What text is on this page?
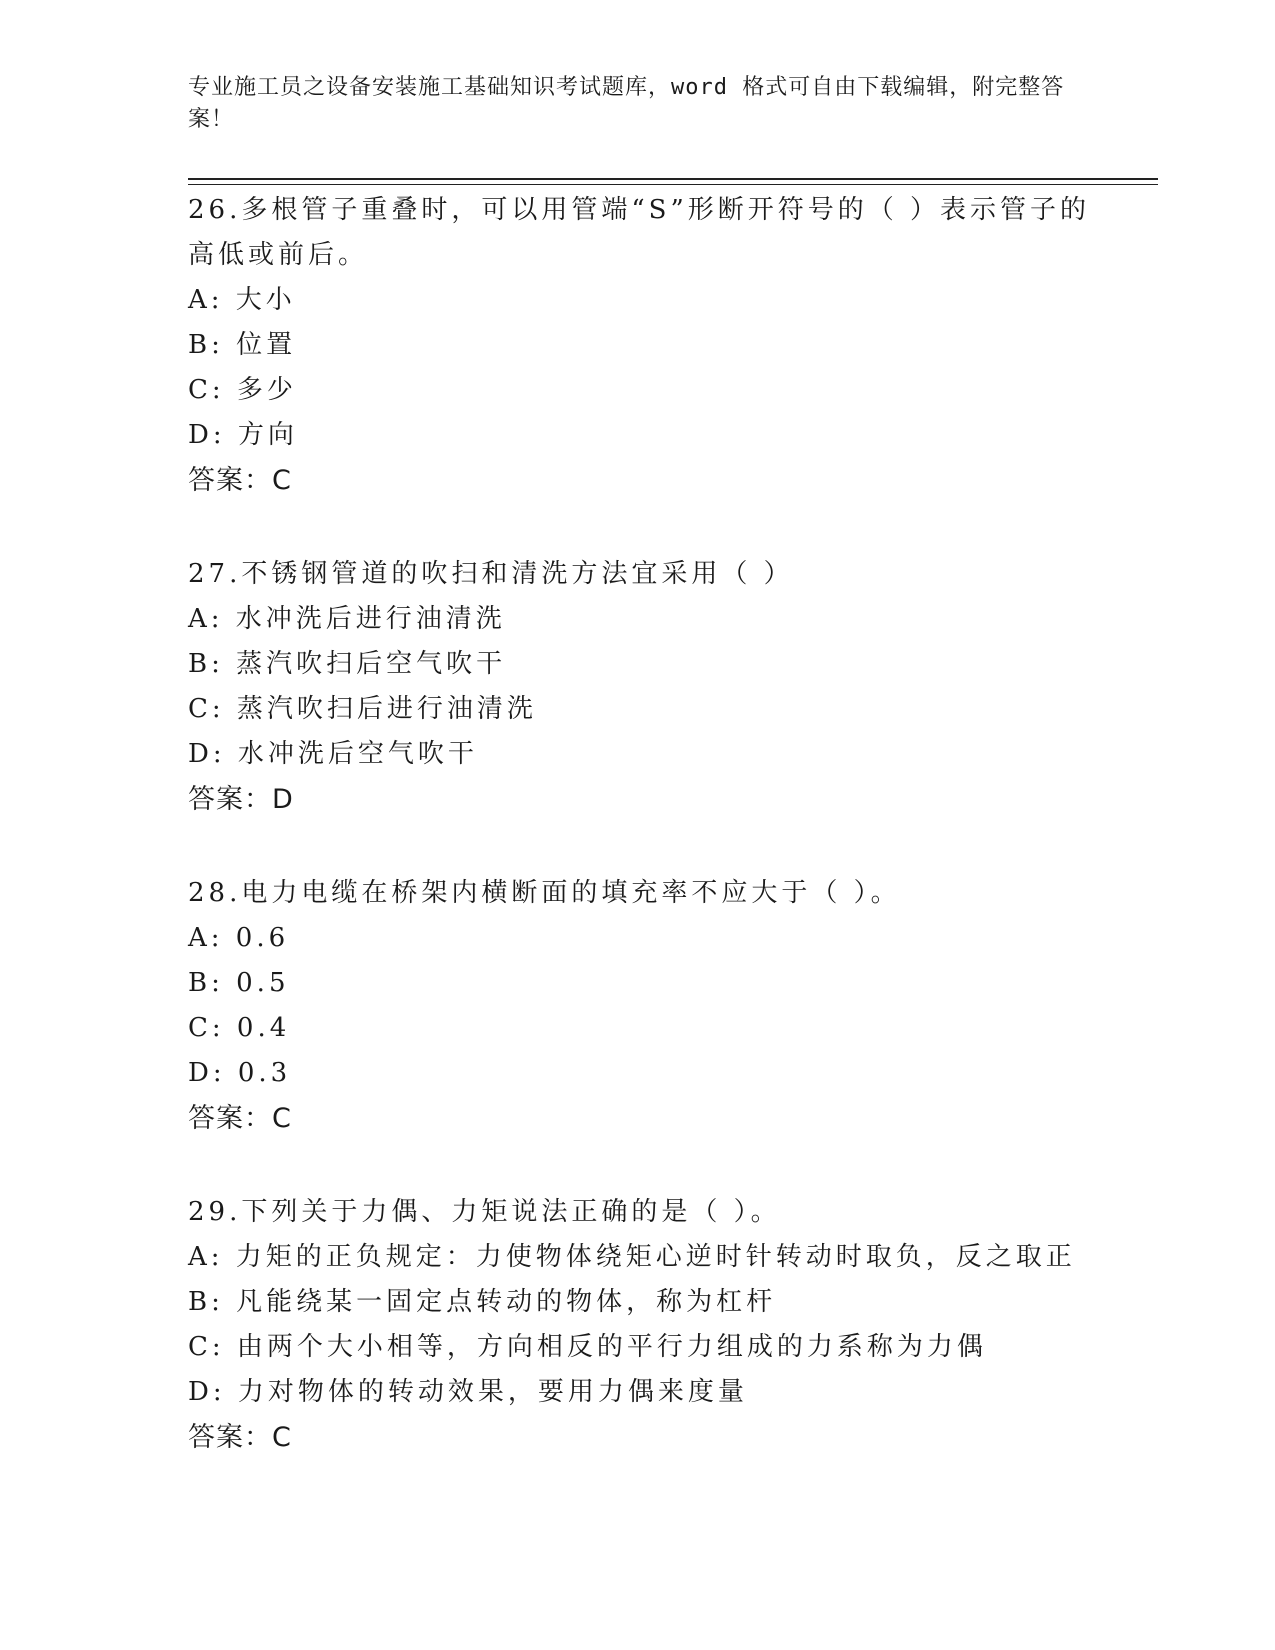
专业施工员之设备安装施工基础知识考试题库，word 格式可自由下载编辑，附完整答案！

26.多根管子重叠时，可以用管端“S”形断开符号的（ ）表示管子的高低或前后。

A: 大小

B: 位置

C: 多少

D: 方向

答案：C

27.不锈钢管道的吹扫和清洗方法宜采用（ ）

A: 水冲洗后进行油清洗

B: 蒸汽吹扫后空气吹干

C: 蒸汽吹扫后进行油清洗

D: 水冲洗后空气吹干

答案：D

28.电力电缆在桥架内横断面的填充率不应大于（ ）。

A: 0.6

B: 0.5

C: 0.4

D: 0.3

答案：C

29.下列关于力偶、力矩说法正确的是（ ）。

A: 力矩的正负规定：力使物体绕矩心逆时针转动时取负，反之取正

B: 凡能绕某一固定点转动的物体，称为杠杆

C: 由两个大小相等，方向相反的平行力组成的力系称为力偶

D: 力对物体的转动效果，要用力偶来度量

答案：C
